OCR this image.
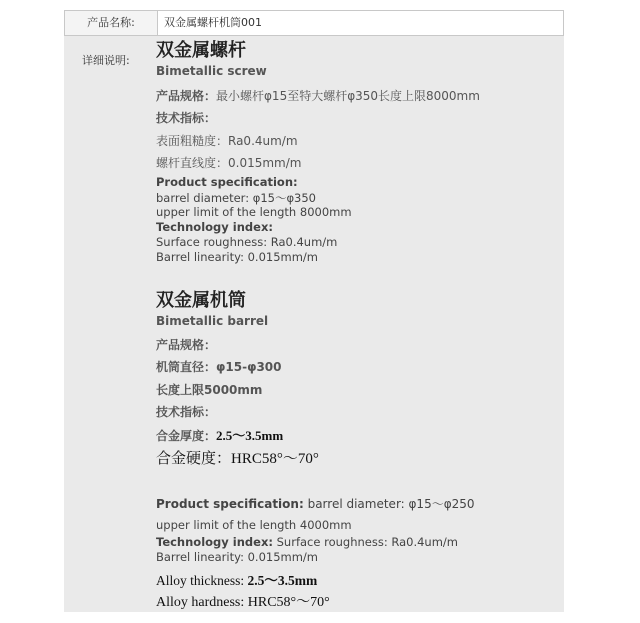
产品名称:	双金属螺杆机筒001
详细说明: 双金属螺杆
Bimetallic screw
产品规格：最小螺杆φ15至特大螺杆φ350长度上限8000mm
技术指标：
表面粗糙度：Ra0.4um/m
螺杆直线度：0.015mm/m
Product specification:
barrel diameter: φ15～φ350
upper limit of the length 8000mm
Technology index:
Surface roughness: Ra0.4um/m
Barrel linearity: 0.015mm/m
双金属机筒
Bimetallic barrel
产品规格：
机筒直径：φ15-φ300
长度上限5000mm
技术指标：
合金厚度：2.5～3.5mm
合金硬度：HRC58°～70°
Product specification: barrel diameter: φ15～φ250
upper limit of the length 4000mm
Technology index: Surface roughness: Ra0.4um/m
Barrel linearity: 0.015mm/m
Alloy thickness: 2.5～3.5mm
Alloy hardness: HRC58°～70°
